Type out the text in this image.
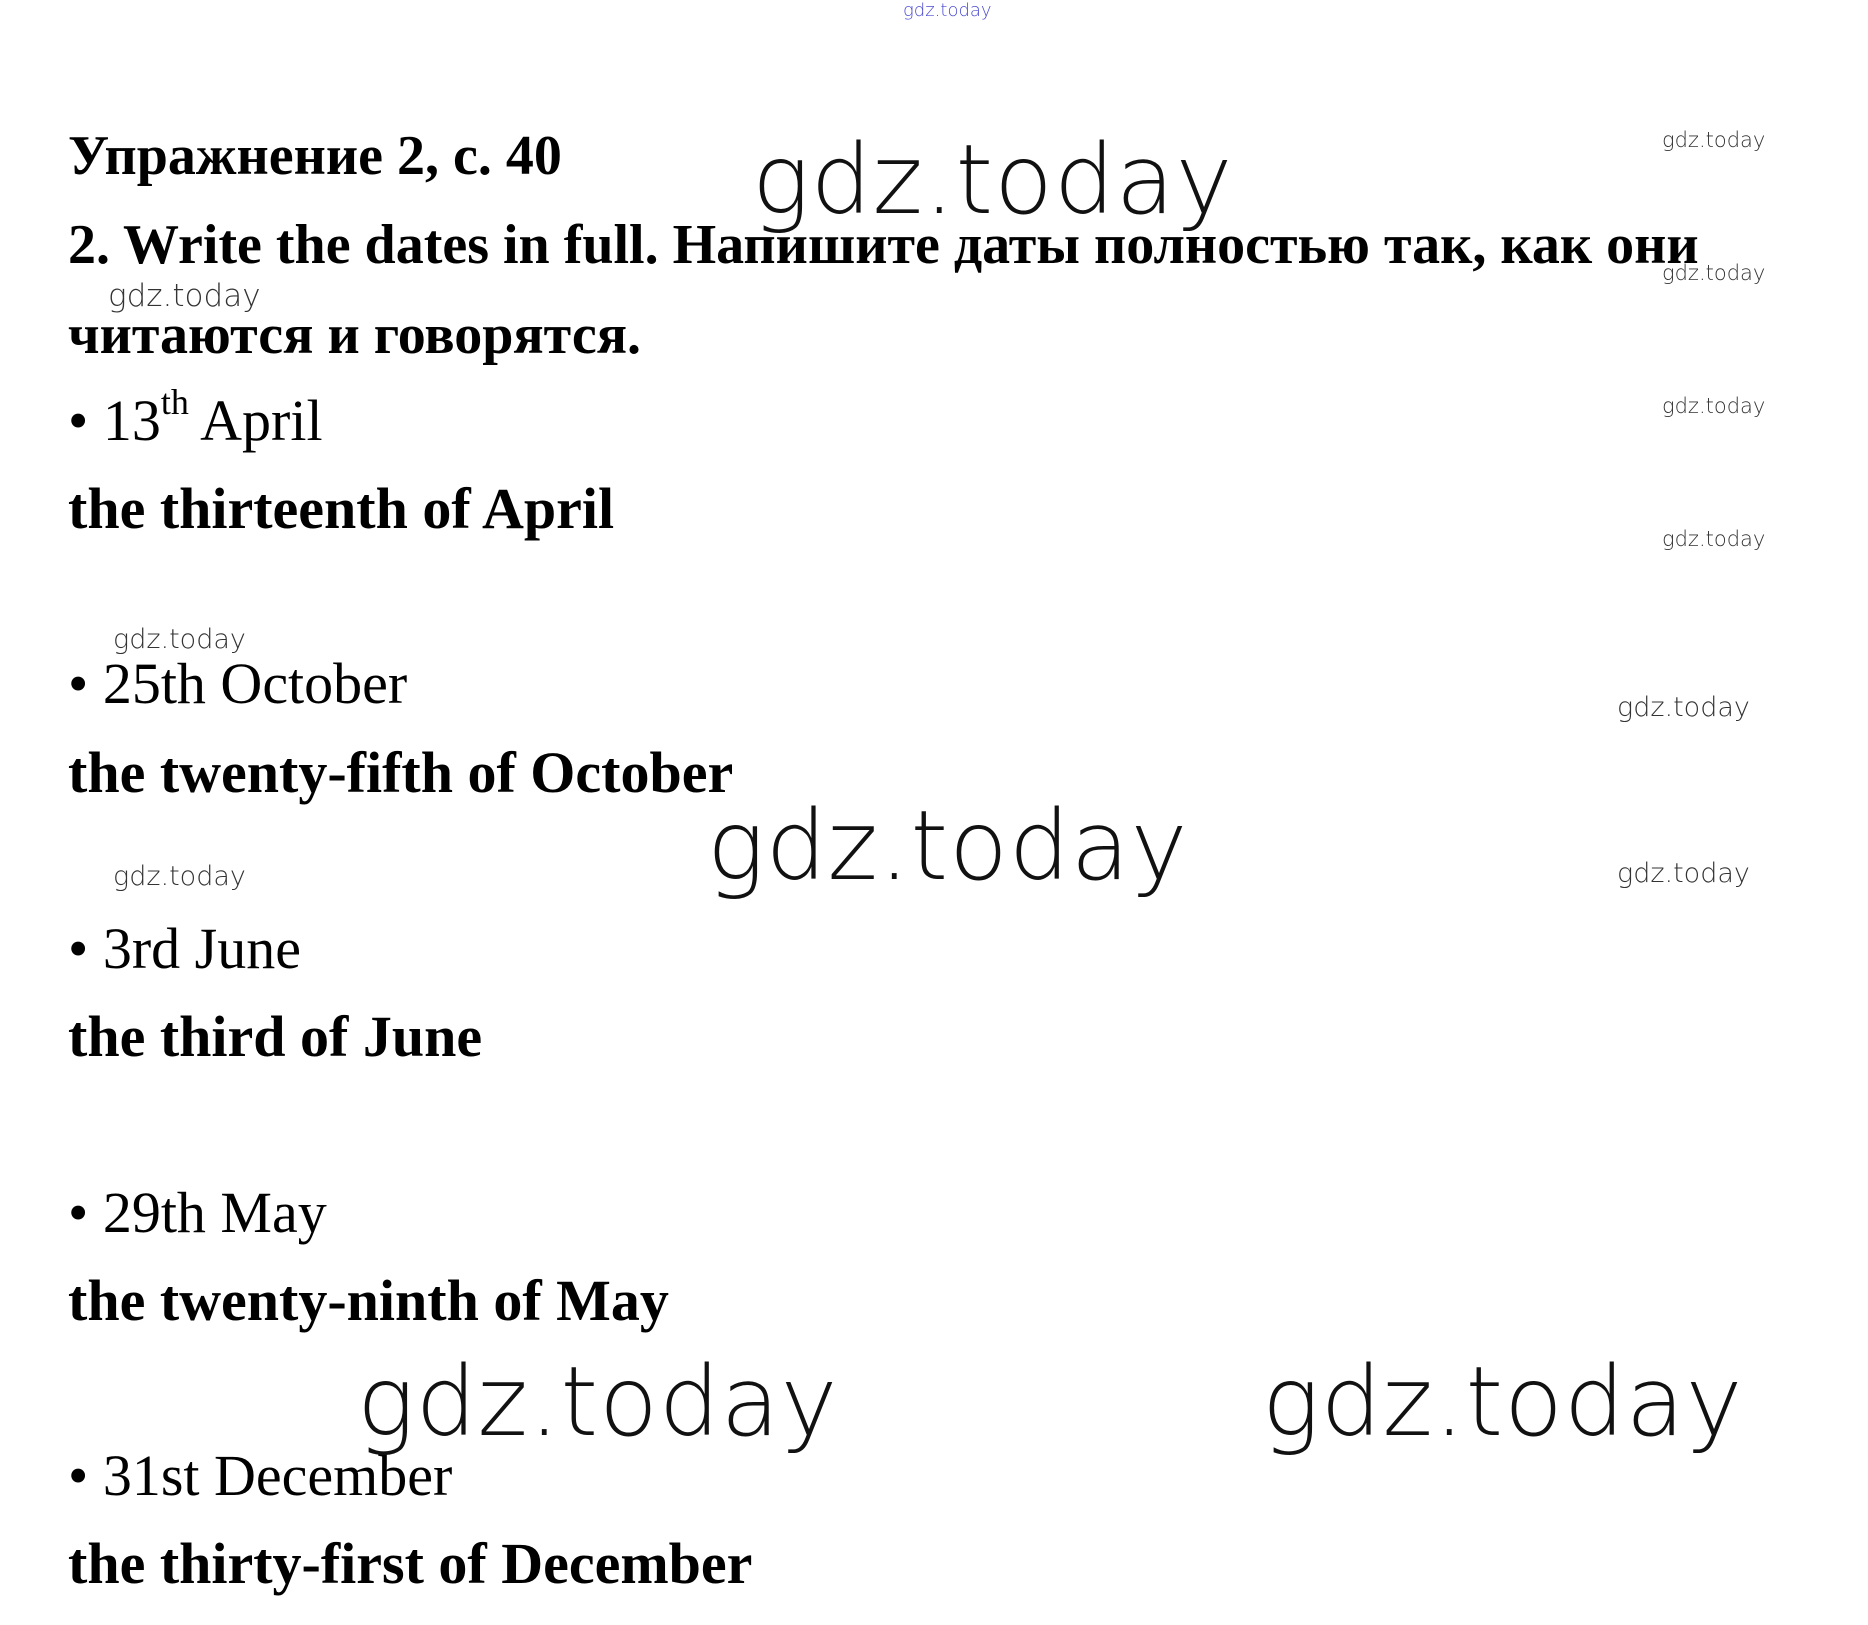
gdz.today
Упражнение 2, с. 40
2. Write the dates in full. Напишите даты полностью так, как они
читаются и говорятся.
• 13th April
the thirteenth of April
• 25th October
the twenty-fifth of October
• 3rd June
the third of June
• 29th May
the twenty-ninth of May
• 31st December
the thirty-first of December
gdz.today
gdz.today
gdz.today
gdz.today
gdz.today
gdz.today
gdz.today
gdz.today
gdz.today
gdz.today
gdz.today
gdz.today	gdz.today
